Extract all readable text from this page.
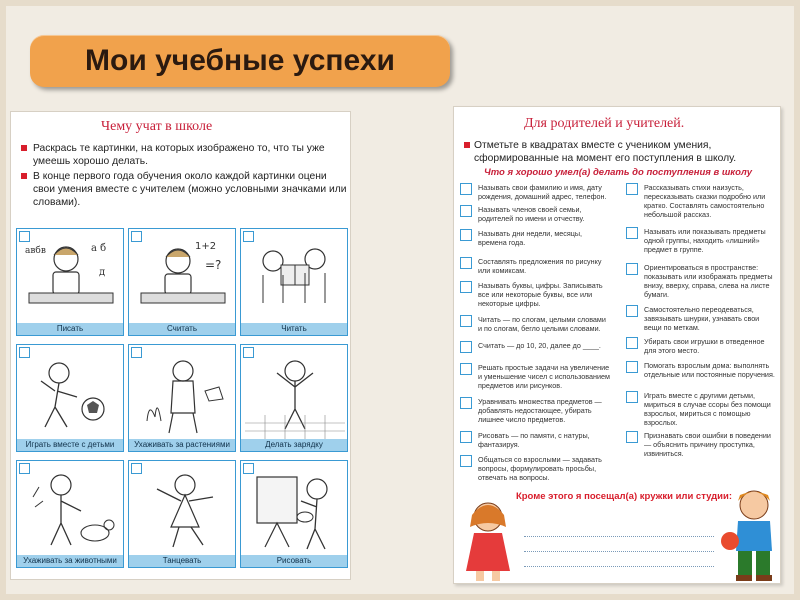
Мои учебные успехи
Чему учат в школе
Раскрась те картинки, на которых изображено то, что ты уже умеешь хорошо делать.
В конце первого года обучения около каждой картинки оцени свои умения вместе с учителем (можно условными значками или словами).
авбв	а б
д
Писать
1+2
=?
Считать	Читать
Играть вместе с детьми	Ухаживать за растениями	Делать зарядку
Ухаживать за животными	Танцевать	Рисовать
Для родителей и учителей.
Отметьте в квадратах вместе с учеником умения, сформированные на момент его поступления в школу.
Что я хорошо умел(а) делать до поступления в школу
Называть свои фамилию и имя, дату рождения, домашний адрес, телефон.
Называть членов своей семьи, родителей по имени и отчеству.
Называть дни недели, месяцы, времена года.
Составлять предложения по рисунку или комиксам.
Называть буквы, цифры. Записывать все или некоторые буквы, все или некоторые цифры.
Читать — по слогам, целыми словами и по слогам, бегло целыми словами.
Считать — до 10, 20, далее до ____.
Решать простые задачи на увеличение и уменьшение чисел с использованием предметов или рисунков.
Уравнивать множества предметов — добавлять недостающее, убирать лишнее число предметов.
Рисовать — по памяти, с натуры, фантазируя.
Общаться со взрослыми — задавать вопросы, формулировать просьбы, отвечать на вопросы.
Рассказывать стихи наизусть, пересказывать сказки подробно или кратко. Составлять самостоятельно небольшой рассказ.
Называть или показывать предметы одной группы, находить «лишний» предмет в группе.
Ориентироваться в пространстве: показывать или изображать предметы внизу, вверху, справа, слева на листе бумаги.
Самостоятельно переодеваться, завязывать шнурки, узнавать свои вещи по меткам.
Убирать свои игрушки в отведенное для этого место.
Помогать взрослым дома: выполнять отдельные или постоянные поручения.
Играть вместе с другими детьми, мириться в случае ссоры без помощи взрослых, мириться с помощью взрослых.
Признавать свои ошибки в поведении — объяснить причину проступка, извиниться.
Кроме этого я посещал(а) кружки или студии:
